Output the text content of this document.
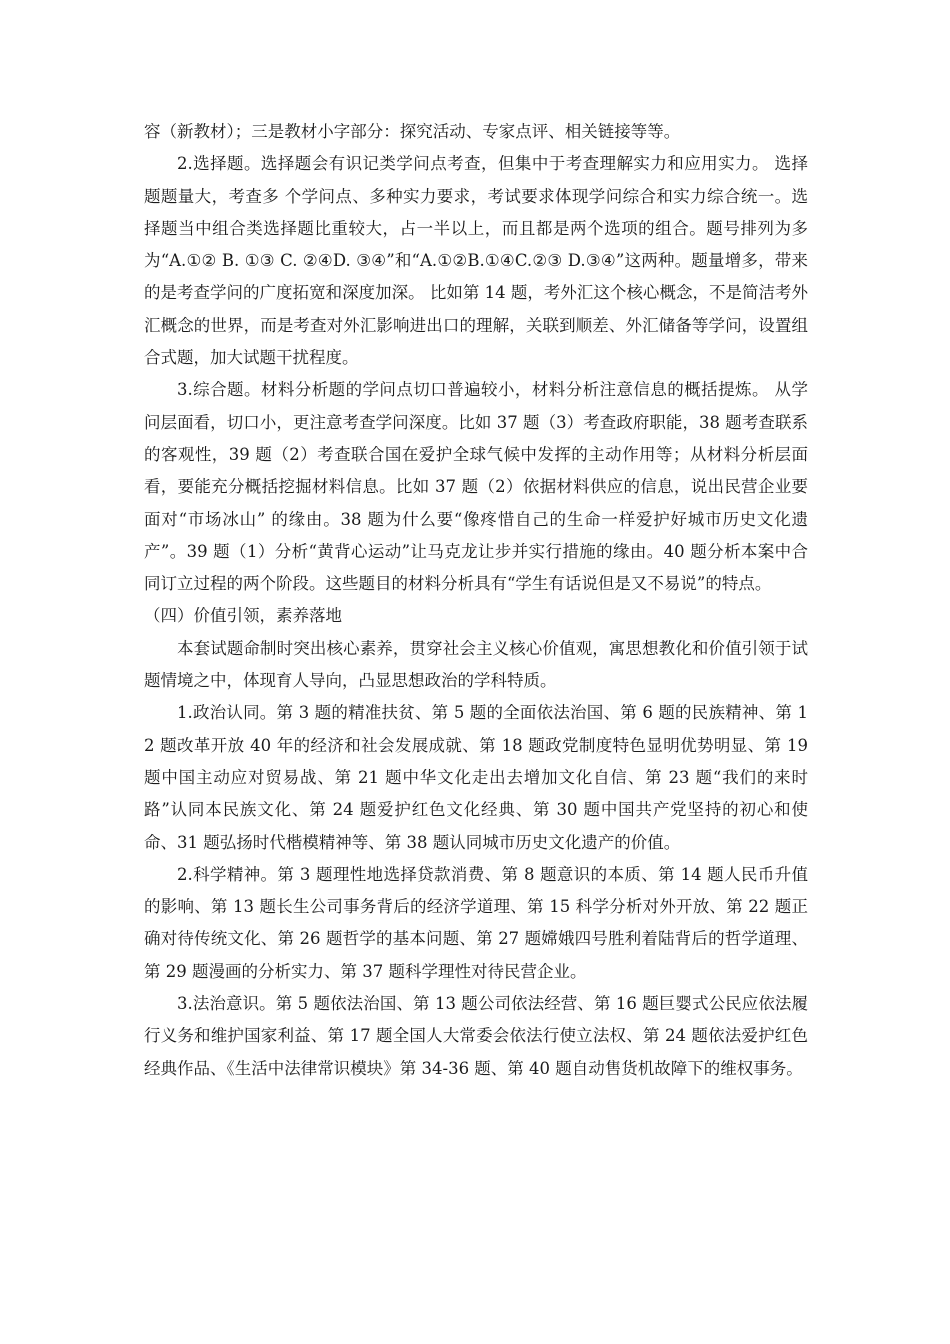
容（新教材）；三是教材小字部分：探究活动、专家点评、相关链接等等。

2.选择题。选择题会有识记类学问点考查，但集中于考查理解实力和应用实力。 选择题题量大，考查多 个学问点、多种实力要求，考试要求体现学问综合和实力综合统一。选择题当中组合类选择题比重较大，占一半以上，而且都是两个选项的组合。题号排列为多为“A.①② B. ①③ C. ②④D. ③④”和“A.①②B.①④C.②③ D.③④”这两种。题量增多，带来的是考查学问的广度拓宽和深度加深。 比如第 14 题，考外汇这个核心概念，不是简洁考外汇概念的世界，而是考查对外汇影响进出口的理解，关联到顺差、外汇储备等学问，设置组合式题，加大试题干扰程度。

3.综合题。材料分析题的学问点切口普遍较小，材料分析注意信息的概括提炼。 从学问层面看，切口小，更注意考查学问深度。比如 37 题（3）考查政府职能，38 题考查联系的客观性，39 题（2）考查联合国在爱护全球气候中发挥的主动作用等；从材料分析层面看，要能充分概括挖掘材料信息。比如 37 题（2）依据材料供应的信息，说出民营企业要面对“市场冰山” 的缘由。38 题为什么要“像疼惜自己的生命一样爱护好城市历史文化遗产”。39 题（1）分析“黄背心运动”让马克龙让步并实行措施的缘由。40 题分析本案中合同订立过程的两个阶段。这些题目的材料分析具有“学生有话说但是又不易说”的特点。

（四）价值引领，素养落地

本套试题命制时突出核心素养，贯穿社会主义核心价值观，寓思想教化和价值引领于试题情境之中，体现育人导向，凸显思想政治的学科特质。

1.政治认同。第 3 题的精准扶贫、第 5 题的全面依法治国、第 6 题的民族精神、第 12 题改革开放 40 年的经济和社会发展成就、第 18 题政党制度特色显明优势明显、第 19 题中国主动应对贸易战、第 21 题中华文化走出去增加文化自信、第 23 题“我们的来时路”认同本民族文化、第 24 题爱护红色文化经典、第 30 题中国共产党坚持的初心和使命、31 题弘扬时代楷模精神等、第 38 题认同城市历史文化遗产的价值。

2.科学精神。第 3 题理性地选择贷款消费、第 8 题意识的本质、第 14 题人民币升值的影响、第 13 题长生公司事务背后的经济学道理、第 15 科学分析对外开放、第 22 题正确对待传统文化、第 26 题哲学的基本问题、第 27 题嫦娥四号胜利着陆背后的哲学道理、第 29 题漫画的分析实力、第 37 题科学理性对待民营企业。

3.法治意识。第 5 题依法治国、第 13 题公司依法经营、第 16 题巨婴式公民应依法履行义务和维护国家利益、第 17 题全国人大常委会依法行使立法权、第 24 题依法爱护红色经典作品、《生活中法律常识模块》第 34-36 题、第 40 题自动售货机故障下的维权事务。
